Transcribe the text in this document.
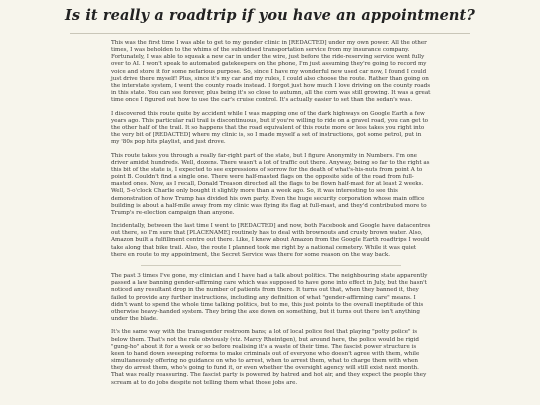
Is it really a roadtrip if you have an appointment?

This was the first time I was able to get to my gender clinic in [REDACTED] under my own power. All the other times, I was beholden to the whims of the subsidised transportation service from my insurance company. Fortunately, I was able to squeak a new car in under the wire, just before the ride-reserving service went fully over to AI. I won't speak to automated gatekeepers on the phone, I'm just assuming they're going to record my voice and store it for some nefarious purpose. So, since I have my wonderful new used car now, I found I could just drive there myself! Plus, since it's my car and my rules, I could also choose the route. Rather than going on the interstate system, I went the county roads instead. I forgot just how much I love driving on the county roads in this state. You can see forever, plus being it's so close to autumn, all the corn was still growing. It was a great time once I figured out how to use the car's cruise control. It's actually easier to set than the sedan's was.

I discovered this route quite by accident while I was mapping one of the dark highways on Google Earth a few years ago. This particular rail trail is discontinuous, but if you're willing to ride on a gravel road, you can get to the other half of the trail. It so happens that the road equivalent of this route more or less takes you right into the very bit of [REDACTED] where my clinic is, so I made myself a set of instructions, got some petrol, put in my '80s pop hits playlist, and just drove.

This route takes you through a really far-right part of the state, but I figure Anonymity in Numbers. I'm one driver amidst hundreds. Well, dozens. There wasn't a lot of traffic out there. Anyway, being so far to the right as this bit of the state is, I expected to see expressions of sorrow for the death of what's-his-nuts from point A to point B. Couldn't find a single one. There were half-masted flags on the opposite side of the road from full-masted ones. Now, as I recall, Donald Treason directed all the flags to be flown half-mast for at least 2 weeks. Well, 5-o'clock Charlie only bought it slightly more than a week ago. So, it was interesting to see this demonstration of how Trump has divided his own party. Even the huge security corporation whose main office building is about a half-mile away from my clinic was flying its flag at full-mast, and they'd contributed more to Trump's re-election campaign than anyone.

Incidentally, between the last time I went to [REDACTED] and now, both Facebook and Google have datacentres out there, so I'm sure that [PLACENAME] routinely has to deal with brownouts and crusty brown water. Also, Amazon built a fulfillment centre out there. Like, I knew about Amazon from the Google Earth roadtrips I would take along that bike trail. Also, the route I planned took me right by a national cemetery. While it was quiet there en route to my appointment, the Secret Service was there for some reason on the way back.

The past 3 times I've gone, my clinician and I have had a talk about politics. The neighbouring state apparently passed a law banning gender-affirming care which was supposed to have gone into effect in July, but the hasn't noticed any resultant drop in the number of patients from there. It turns out that, when they banned it, they failed to provide any further instructions, including any definition of what "gender-affirming care" means. I didn't want to spend the whole time talking politics, but to me, this just points to the overall ineptitude of this otherwise heavy-handed system. They bring the axe down on something, but it turns out there isn't anything under the blade.

It's the same way with the transgender restroom bans; a lot of local police feel that playing "potty police" is below them. That's not the rule obviously (viz. Marcy Rheintgen), but around here, the police would be rigid "gung-ho" about it for a week or so before realising it's a waste of their time. The fascist power structure is keen to hand down sweeping reforms to make criminals out of everyone who doesn't agree with them, while simultaneously offering no guidance on who to arrest, when to arrest them, what to charge them with when they do arrest them, who's going to fund it, or even whether the oversight agency will still exist next month. That was really reassuring. The fascist party is powered by hatred and hot air, and they expect the people they scream at to do jobs despite not telling them what those jobs are.
